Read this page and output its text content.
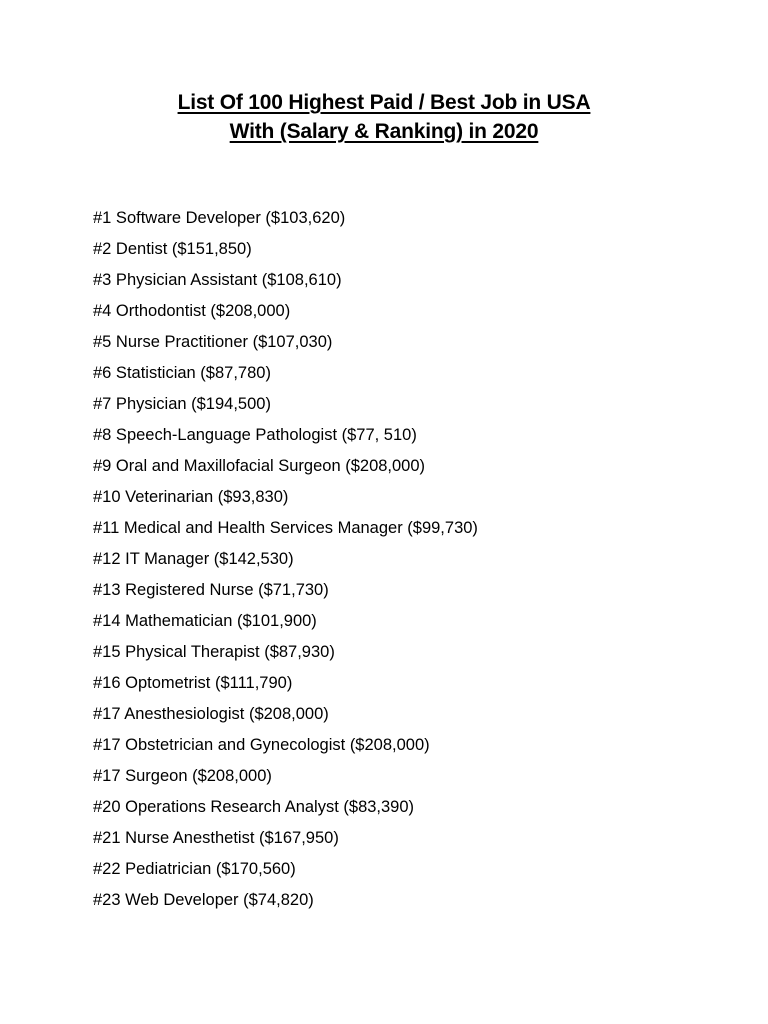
List Of 100 Highest Paid / Best Job in USA
With (Salary & Ranking) in 2020
#1 Software Developer ($103,620)
#2 Dentist ($151,850)
#3 Physician Assistant ($108,610)
#4 Orthodontist ($208,000)
#5 Nurse Practitioner ($107,030)
#6 Statistician ($87,780)
#7 Physician ($194,500)
#8 Speech-Language Pathologist ($77, 510)
#9 Oral and Maxillofacial Surgeon ($208,000)
#10 Veterinarian ($93,830)
#11 Medical and Health Services Manager ($99,730)
#12 IT Manager ($142,530)
#13 Registered Nurse ($71,730)
#14 Mathematician ($101,900)
#15 Physical Therapist ($87,930)
#16 Optometrist ($111,790)
#17 Anesthesiologist ($208,000)
#17 Obstetrician and Gynecologist ($208,000)
#17 Surgeon ($208,000)
#20 Operations Research Analyst ($83,390)
#21 Nurse Anesthetist ($167,950)
#22 Pediatrician ($170,560)
#23 Web Developer ($74,820)
